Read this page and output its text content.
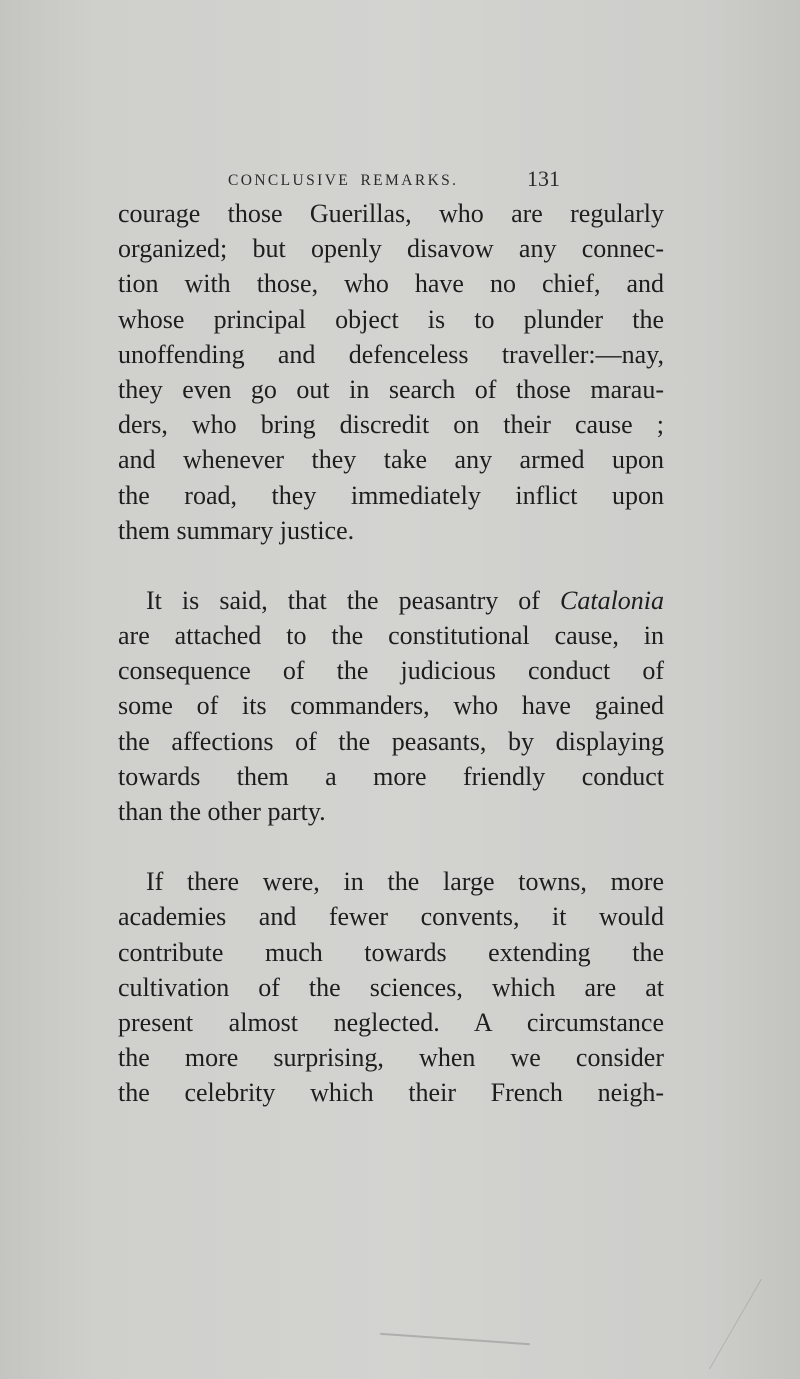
CONCLUSIVE REMARKS.	131
courage those Guerillas, who are regularly
organized; but openly disavow any connec-
tion with those, who have no chief, and
whose principal object is to plunder the
unoffending and defenceless traveller:—nay,
they even go out in search of those marau-
ders, who bring discredit on their cause ;
and whenever they take any armed upon
the road, they immediately inflict upon
them summary justice.
It is said, that the peasantry of Catalonia
are attached to the constitutional cause, in
consequence of the judicious conduct of
some of its commanders, who have gained
the affections of the peasants, by displaying
towards them a more friendly conduct
than the other party.
If there were, in the large towns, more
academies and fewer convents, it would
contribute much towards extending the
cultivation of the sciences, which are at
present almost neglected. A circumstance
the more surprising, when we consider
the celebrity which their French neigh-
